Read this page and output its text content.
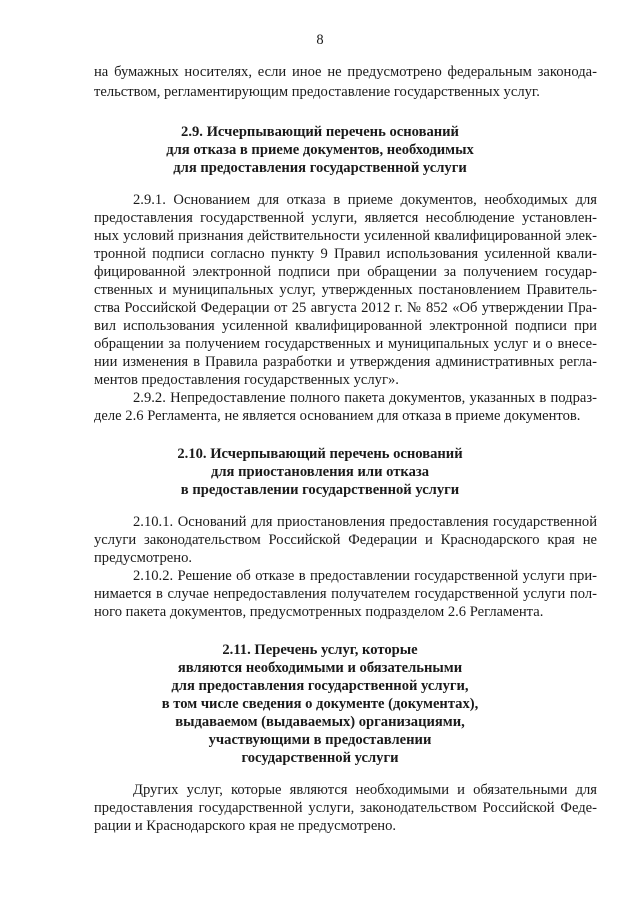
8
на бумажных носителях, если иное не предусмотрено федеральным законода-
тельством, регламентирующим предоставление государственных услуг.
2.9. Исчерпывающий перечень оснований
для отказа в приеме документов, необходимых
для предоставления государственной услуги
2.9.1. Основанием для отказа в приеме документов, необходимых для
предоставления государственной услуги, является несоблюдение установлен-
ных условий признания действительности усиленной квалифицированной элек-
тронной подписи согласно пункту 9 Правил использования усиленной квали-
фицированной электронной подписи при обращении за получением государ-
ственных и муниципальных услуг, утвержденных постановлением Правитель-
ства Российской Федерации от 25 августа 2012 г. № 852 «Об утверждении Пра-
вил использования усиленной квалифицированной электронной подписи при
обращении за получением государственных и муниципальных услуг и о внесе-
нии изменения в Правила разработки и утверждения административных регла-
ментов предоставления государственных услуг».
2.9.2. Непредоставление полного пакета документов, указанных в подраз-
деле 2.6 Регламента, не является основанием для отказа в приеме документов.
2.10. Исчерпывающий перечень оснований
для приостановления или отказа
в предоставлении государственной услуги
2.10.1. Оснований для приостановления предоставления государственной
услуги законодательством Российской Федерации и Краснодарского края не
предусмотрено.
2.10.2. Решение об отказе в предоставлении государственной услуги при-
нимается в случае непредоставления получателем государственной услуги пол-
ного пакета документов, предусмотренных подразделом 2.6 Регламента.
2.11. Перечень услуг, которые
являются необходимыми и обязательными
для предоставления государственной услуги,
в том числе сведения о документе (документах),
выдаваемом (выдаваемых) организациями,
участвующими в предоставлении
государственной услуги
Других услуг, которые являются необходимыми и обязательными для
предоставления государственной услуги, законодательством Российской Феде-
рации и Краснодарского края не предусмотрено.
